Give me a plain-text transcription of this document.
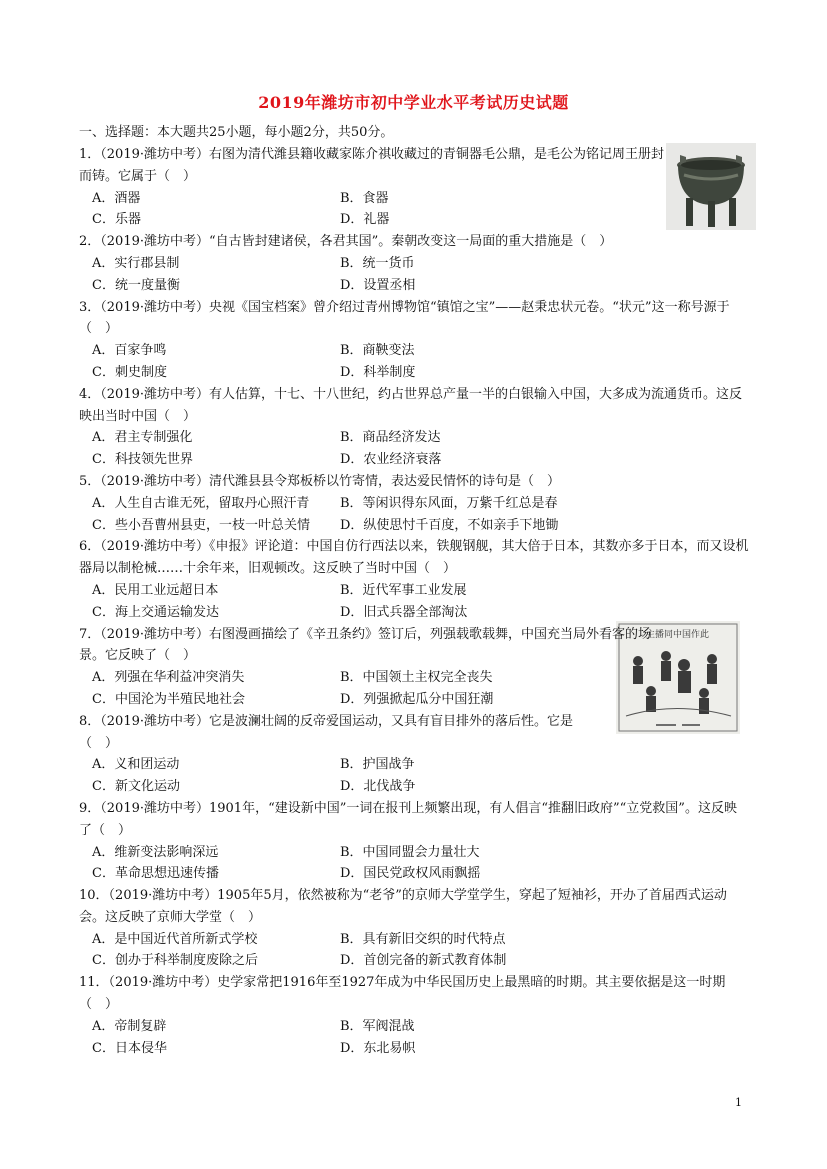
2019年潍坊市初中学业水平考试历史试题
主播同中国作此
一、选择题：本大题共25小题，每小题2分，共50分。
1．（2019·潍坊中考）右图为清代潍县籍收藏家陈介祺收藏过的青铜器毛公鼎，是毛公为铭记周王册封而铸。它属于（　）
A．酒器	B．食器
C．乐器	D．礼器
2．（2019·潍坊中考）“自古皆封建诸侯，各君其国”。秦朝改变这一局面的重大措施是（　）
A．实行郡县制	B．统一货币
C．统一度量衡	D．设置丞相
3．（2019·潍坊中考）央视《国宝档案》曾介绍过青州博物馆“镇馆之宝”——赵秉忠状元卷。“状元”这一称号源于（　）
A．百家争鸣	B．商鞅变法
C．刺史制度	D．科举制度
4．（2019·潍坊中考）有人估算，十七、十八世纪，约占世界总产量一半的白银输入中国，大多成为流通货币。这反映出当时中国（　）
A．君主专制强化	B．商品经济发达
C．科技领先世界	D．农业经济衰落
5．（2019·潍坊中考）清代潍县县令郑板桥以竹寄情，表达爱民情怀的诗句是（　）
A．人生自古谁无死，留取丹心照汗青	B．等闲识得东风面，万紫千红总是春
C．些小吾曹州县吏，一枝一叶总关情	D．纵使思忖千百度，不如亲手下地锄
6．（2019·潍坊中考）《申报》评论道：中国自仿行西法以来，铁舰钢舰，其大倍于日本，其数亦多于日本，而又设机器局以制枪械……十余年来，旧观顿改。这反映了当时中国（　）
A．民用工业远超日本	B．近代军事工业发展
C．海上交通运输发达	D．旧式兵器全部淘汰
7．（2019·潍坊中考）右图漫画描绘了《辛丑条约》签订后，列强载歌载舞，中国充当局外看客的场景。它反映了（　）
A．列强在华利益冲突消失	B．中国领土主权完全丧失
C．中国沦为半殖民地社会	D．列强掀起瓜分中国狂潮
8．（2019·潍坊中考）它是波澜壮阔的反帝爱国运动，又具有盲目排外的落后性。它是（　）
A．义和团运动	B．护国战争
C．新文化运动	D．北伐战争
9．（2019·潍坊中考）1901年，“建设新中国”一词在报刊上频繁出现，有人倡言“推翻旧政府”“立党救国”。这反映了（　）
A．维新变法影响深远	B．中国同盟会力量壮大
C．革命思想迅速传播	D．国民党政权风雨飘摇
10．（2019·潍坊中考）1905年5月，依然被称为“老爷”的京师大学堂学生，穿起了短袖衫，开办了首届西式运动会。这反映了京师大学堂（　）
A．是中国近代首所新式学校	B．具有新旧交织的时代特点
C．创办于科举制度废除之后	D．首创完备的新式教育体制
11．（2019·潍坊中考）史学家常把1916年至1927年成为中华民国历史上最黑暗的时期。其主要依据是这一时期（　）
A．帝制复辟	B．军阀混战
C．日本侵华	D．东北易帜
1
